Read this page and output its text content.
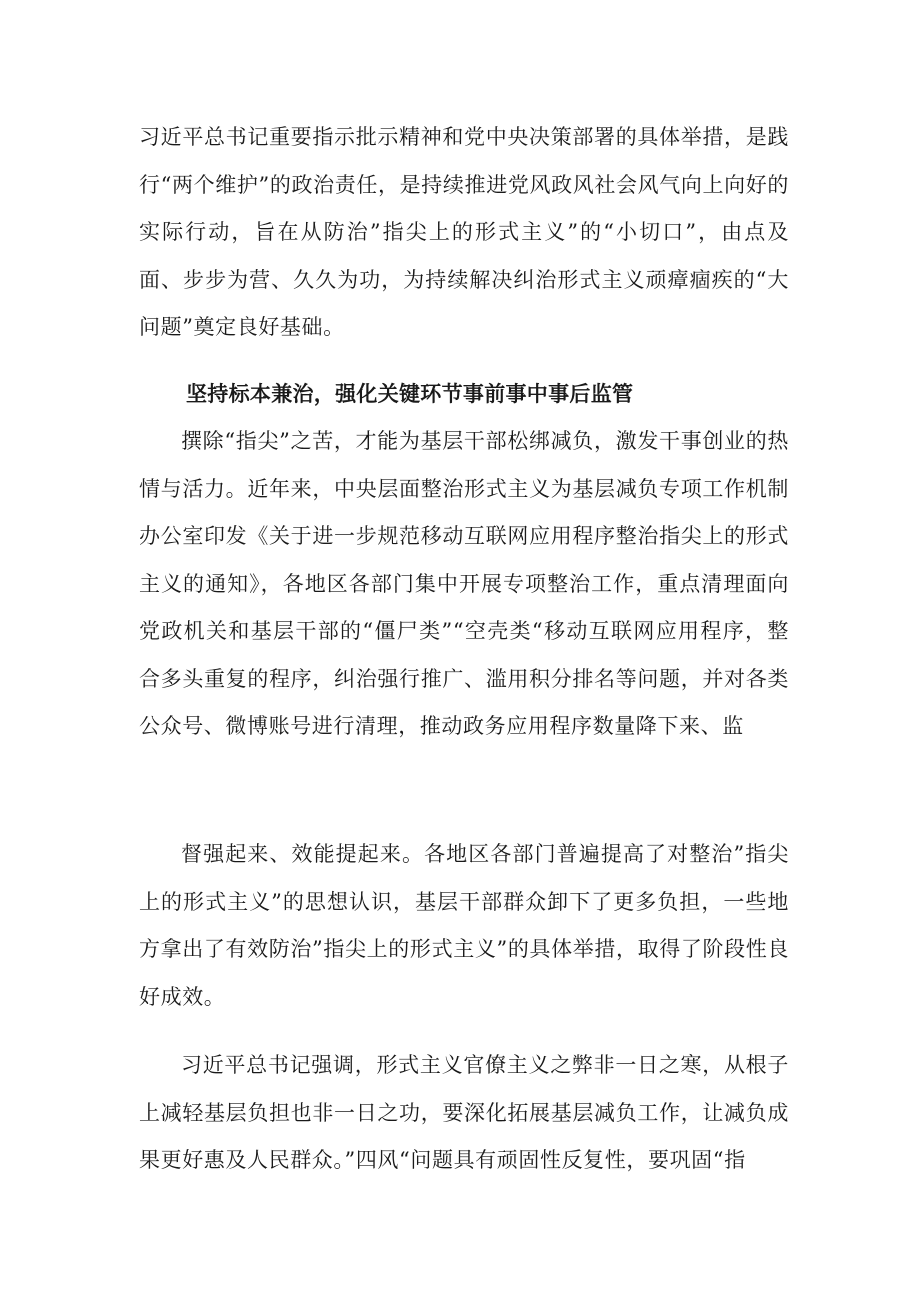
习近平总书记重要指示批示精神和党中央决策部署的具体举措，是践行“两个维护”的政治责任，是持续推进党风政风社会风气向上向好的实际行动，旨在从防治”指尖上的形式主义”的“小切口”，由点及面、步步为营、久久为功，为持续解决纠治形式主义顽瘴痼疾的“大问题”奠定良好基础。

坚持标本兼治，强化关键环节事前事中事后监管

撰除“指尖”之苦，才能为基层干部松绑减负，激发干事创业的热情与活力。近年来，中央层面整治形式主义为基层减负专项工作机制办公室印发《关于进一步规范移动互联网应用程序整治指尖上的形式主义的通知》，各地区各部门集中开展专项整治工作，重点清理面向党政机关和基层干部的“僵尸类”“空壳类“移动互联网应用程序，整合多头重复的程序，纠治强行推广、滥用积分排名等问题，并对各类公众号、微博账号进行清理，推动政务应用程序数量降下来、监

督强起来、效能提起来。各地区各部门普遍提高了对整治”指尖上的形式主义”的思想认识，基层干部群众卸下了更多负担，一些地方拿出了有效防治”指尖上的形式主义”的具体举措，取得了阶段性良好成效。

习近平总书记强调，形式主义官僚主义之弊非一日之寒，从根子上减轻基层负担也非一日之功，要深化拓展基层减负工作，让减负成果更好惠及人民群众。”四风“问题具有顽固性反复性，要巩固“指
